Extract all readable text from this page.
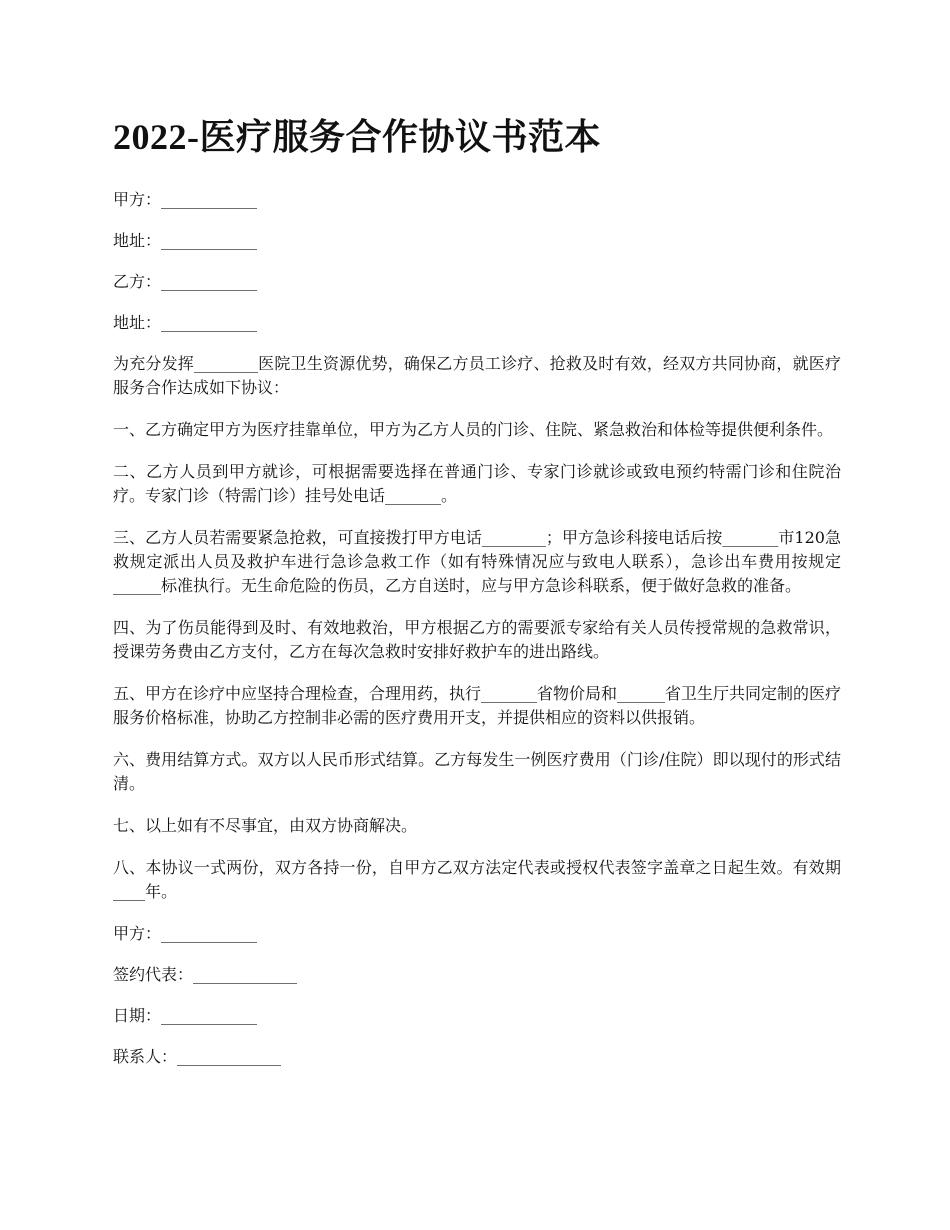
2022-医疗服务合作协议书范本

甲方：____________

地址：____________

乙方：____________

地址：____________

为充分发挥________医院卫生资源优势，确保乙方员工诊疗、抢救及时有效，经双方共同协商，就医疗服务合作达成如下协议：

一、乙方确定甲方为医疗挂靠单位，甲方为乙方人员的门诊、住院、紧急救治和体检等提供便利条件。

二、乙方人员到甲方就诊，可根据需要选择在普通门诊、专家门诊就诊或致电预约特需门诊和住院治疗。专家门诊（特需门诊）挂号处电话_______。

三、乙方人员若需要紧急抢救，可直接拨打甲方电话________；甲方急诊科接电话后按_______市120急救规定派出人员及救护车进行急诊急救工作（如有特殊情况应与致电人联系），急诊出车费用按规定______标准执行。无生命危险的伤员，乙方自送时，应与甲方急诊科联系，便于做好急救的准备。

四、为了伤员能得到及时、有效地救治，甲方根据乙方的需要派专家给有关人员传授常规的急救常识，授课劳务费由乙方支付，乙方在每次急救时安排好救护车的进出路线。

五、甲方在诊疗中应坚持合理检查，合理用药，执行_______省物价局和______省卫生厅共同定制的医疗服务价格标准，协助乙方控制非必需的医疗费用开支，并提供相应的资料以供报销。

六、费用结算方式。双方以人民币形式结算。乙方每发生一例医疗费用（门诊/住院）即以现付的形式结清。

七、以上如有不尽事宜，由双方协商解决。

八、本协议一式两份，双方各持一份，自甲方乙双方法定代表或授权代表签字盖章之日起生效。有效期____年。

甲方：____________

签约代表：_____________

日期：____________

联系人：_____________
